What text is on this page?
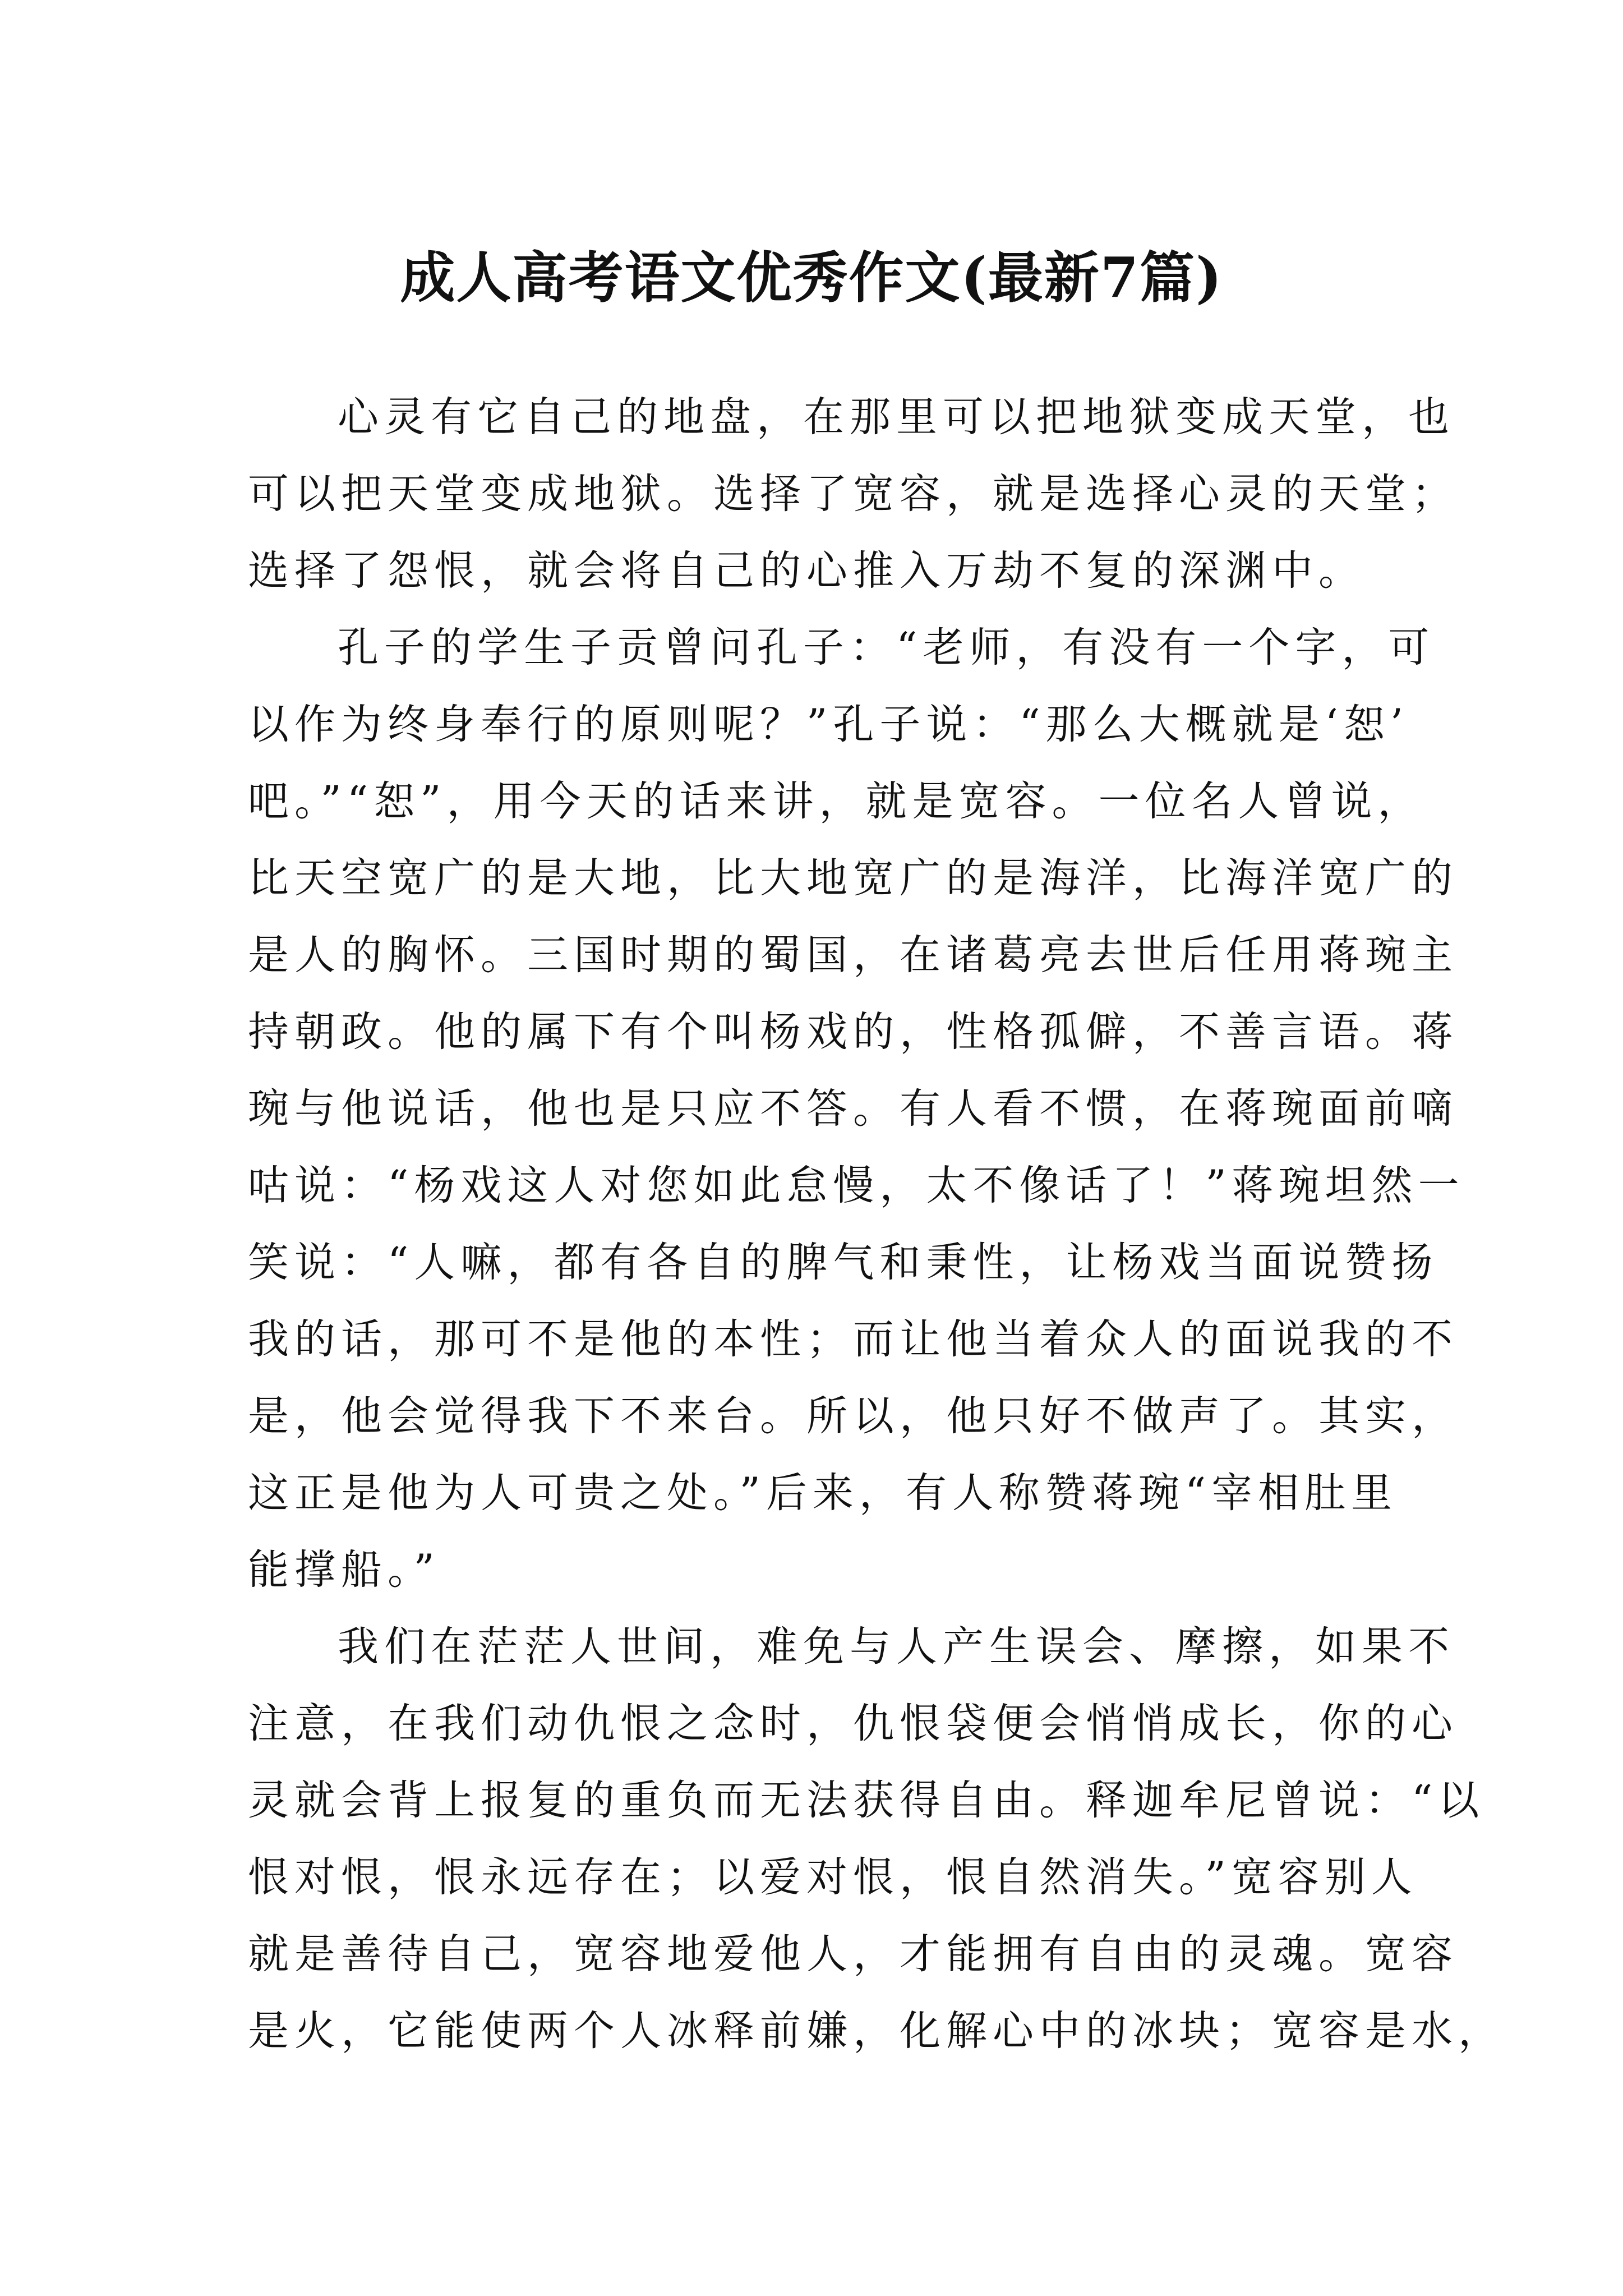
成人高考语文优秀作文(最新7篇)

心灵有它自己的地盘，在那里可以把地狱变成天堂，也

可以把天堂变成地狱。选择了宽容，就是选择心灵的天堂；

选择了怨恨，就会将自己的心推入万劫不复的深渊中。

孔子的学生子贡曾问孔子：“老师，有没有一个字，可

以作为终身奉行的原则呢？”孔子说：“那么大概就是‘恕’

吧。”“恕”，用今天的话来讲，就是宽容。一位名人曾说，

比天空宽广的是大地，比大地宽广的是海洋，比海洋宽广的

是人的胸怀。三国时期的蜀国，在诸葛亮去世后任用蒋琬主

持朝政。他的属下有个叫杨戏的，性格孤僻，不善言语。蒋

琬与他说话，他也是只应不答。有人看不惯，在蒋琬面前嘀

咕说：“杨戏这人对您如此怠慢，太不像话了！”蒋琬坦然一

笑说：“人嘛，都有各自的脾气和秉性，让杨戏当面说赞扬

我的话，那可不是他的本性；而让他当着众人的面说我的不

是，他会觉得我下不来台。所以，他只好不做声了。其实，

这正是他为人可贵之处。”后来，有人称赞蒋琬“宰相肚里

能撑船。”

我们在茫茫人世间，难免与人产生误会、摩擦，如果不

注意，在我们动仇恨之念时，仇恨袋便会悄悄成长，你的心

灵就会背上报复的重负而无法获得自由。释迦牟尼曾说：“以

恨对恨，恨永远存在；以爱对恨，恨自然消失。”宽容别人

就是善待自己，宽容地爱他人，才能拥有自由的灵魂。宽容

是火，它能使两个人冰释前嫌，化解心中的冰块；宽容是水，
